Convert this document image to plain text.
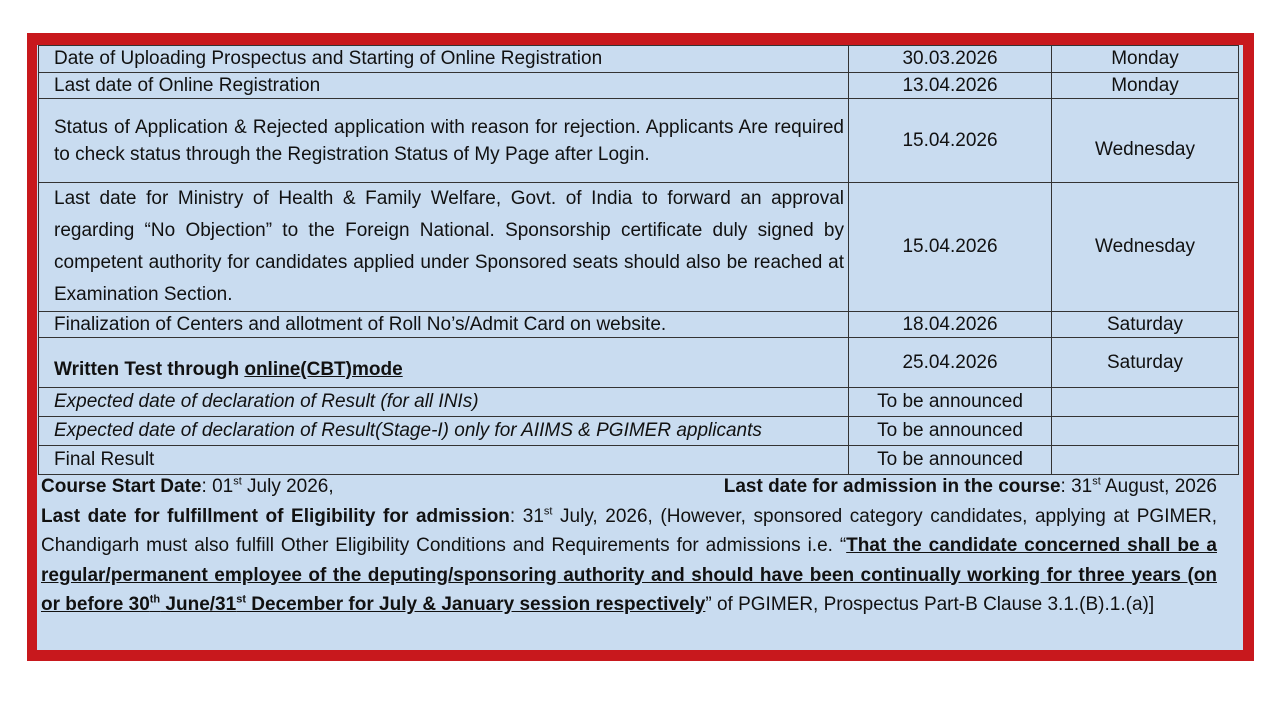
Date of Uploading Prospectus and Starting of Online Registration	30.03.2026	Monday
Last date of Online Registration	13.04.2026	Monday
Status of Application & Rejected application with reason for rejection. Applicants Are required to check status through the Registration Status of My Page after Login.	15.04.2026	Wednesday
Last date for Ministry of Health & Family Welfare, Govt. of India to forward an approval regarding “No Objection” to the Foreign National. Sponsorship certificate duly signed by competent authority for candidates applied under Sponsored seats should also be reached at Examination Section.	15.04.2026	Wednesday
Finalization of Centers and allotment of Roll No’s/Admit Card on website.	18.04.2026	Saturday
Written Test through online(CBT)mode	25.04.2026	Saturday
Expected date of declaration of Result (for all INIs)	To be announced	
Expected date of declaration of Result(Stage-I) only for AIIMS & PGIMER applicants	To be announced	
Final Result	To be announced	
Course Start Date: 01st July 2026,	Last date for admission in the course: 31st August, 2026

Last date for fulfillment of Eligibility for admission: 31st July, 2026, (However, sponsored category candidates, applying at PGIMER, Chandigarh must also fulfill Other Eligibility Conditions and Requirements for admissions i.e. “That the candidate concerned shall be a regular/permanent employee of the deputing/sponsoring authority and should have been continually working for three years (on or before 30th June/31st December for July & January session respectively” of PGIMER, Prospectus Part-B Clause 3.1.(B).1.(a)]
